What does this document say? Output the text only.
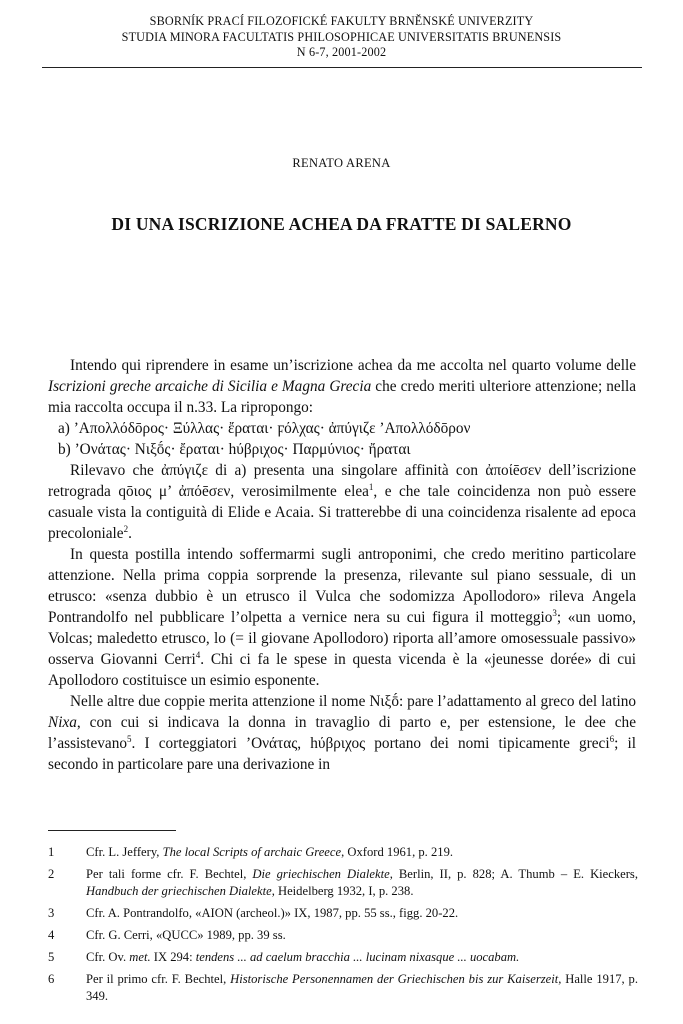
SBORNÍK PRACÍ FILOZOFICKÉ FAKULTY BRNĚNSKÉ UNIVERZITY
STUDIA MINORA FACULTATIS PHILOSOPHICAE UNIVERSITATIS BRUNENSIS
N 6-7, 2001-2002
RENATO ARENA
DI UNA ISCRIZIONE ACHEA DA FRATTE DI SALERNO

Intendo qui riprendere in esame un’iscrizione achea da me accolta nel quarto volume delle Iscrizioni greche arcaiche di Sicilia e Magna Grecia che credo meriti ulteriore attenzione; nella mia raccolta occupa il n.33. La ripropongo:

a) ’Απολλόδōρος· Ξύλλας· ἔραται· ϝόλχας· ἀπύγιζε ’Απολλόδōρον

b) ’Ονάτας· Νιξṓς· ἔραται· hύβριχος· Παρμύνιος· ἤραται

Rilevavo che ἀπύγιζε di a) presenta una singolare affinità con ἀποίēσεν dell’iscrizione retrograda qōιος μ’ ἀπόēσεν, verosimilmente elea$^1$, e che tale coincidenza non può essere casuale vista la contiguità di Elide e Acaia. Si tratterebbe di una coincidenza risalente ad epoca precoloniale$^2$.

In questa postilla intendo soffermarmi sugli antroponimi, che credo meritino particolare attenzione. Nella prima coppia sorprende la presenza, rilevante sul piano sessuale, di un etrusco: «senza dubbio è un etrusco il Vulca che sodomizza Apollodoro» rileva Angela Pontrandolfo nel pubblicare l’olpetta a vernice nera su cui figura il motteggio$^3$; «un uomo, Volcas; maledetto etrusco, lo (= il giovane Apollodoro) riporta all’amore omosessuale passivo» osserva Giovanni Cerri$^4$. Chi ci fa le spese in questa vicenda è la «jeunesse dorée» di cui Apollodoro costituisce un esimio esponente.

Nelle altre due coppie merita attenzione il nome Νιξṓ: pare l’adattamento al greco del latino Nixa, con cui si indicava la donna in travaglio di parto e, per estensione, le dee che l’assistevano$^5$. I corteggiatori ’Ονάτας, hύβριχος portano dei nomi tipicamente greci$^6$; il secondo in particolare pare una derivazione in

1	Cfr. L. Jeffery, The local Scripts of archaic Greece, Oxford 1961, p. 219.
2	Per tali forme cfr. F. Bechtel, Die griechischen Dialekte, Berlin, II, p. 828; A. Thumb – E. Kieckers, Handbuch der griechischen Dialekte, Heidelberg 1932, I, p. 238.
3	Cfr. A. Pontrandolfo, «AION (archeol.)» IX, 1987, pp. 55 ss., figg. 20-22.
4	Cfr. G. Cerri, «QUCC» 1989, pp. 39 ss.
5	Cfr. Ov. met. IX 294: tendens ... ad caelum bracchia ... lucinam nixasque ... uocabam.
6	Per il primo cfr. F. Bechtel, Historische Personennamen der Griechischen bis zur Kaiserzeit, Halle 1917, p. 349.
